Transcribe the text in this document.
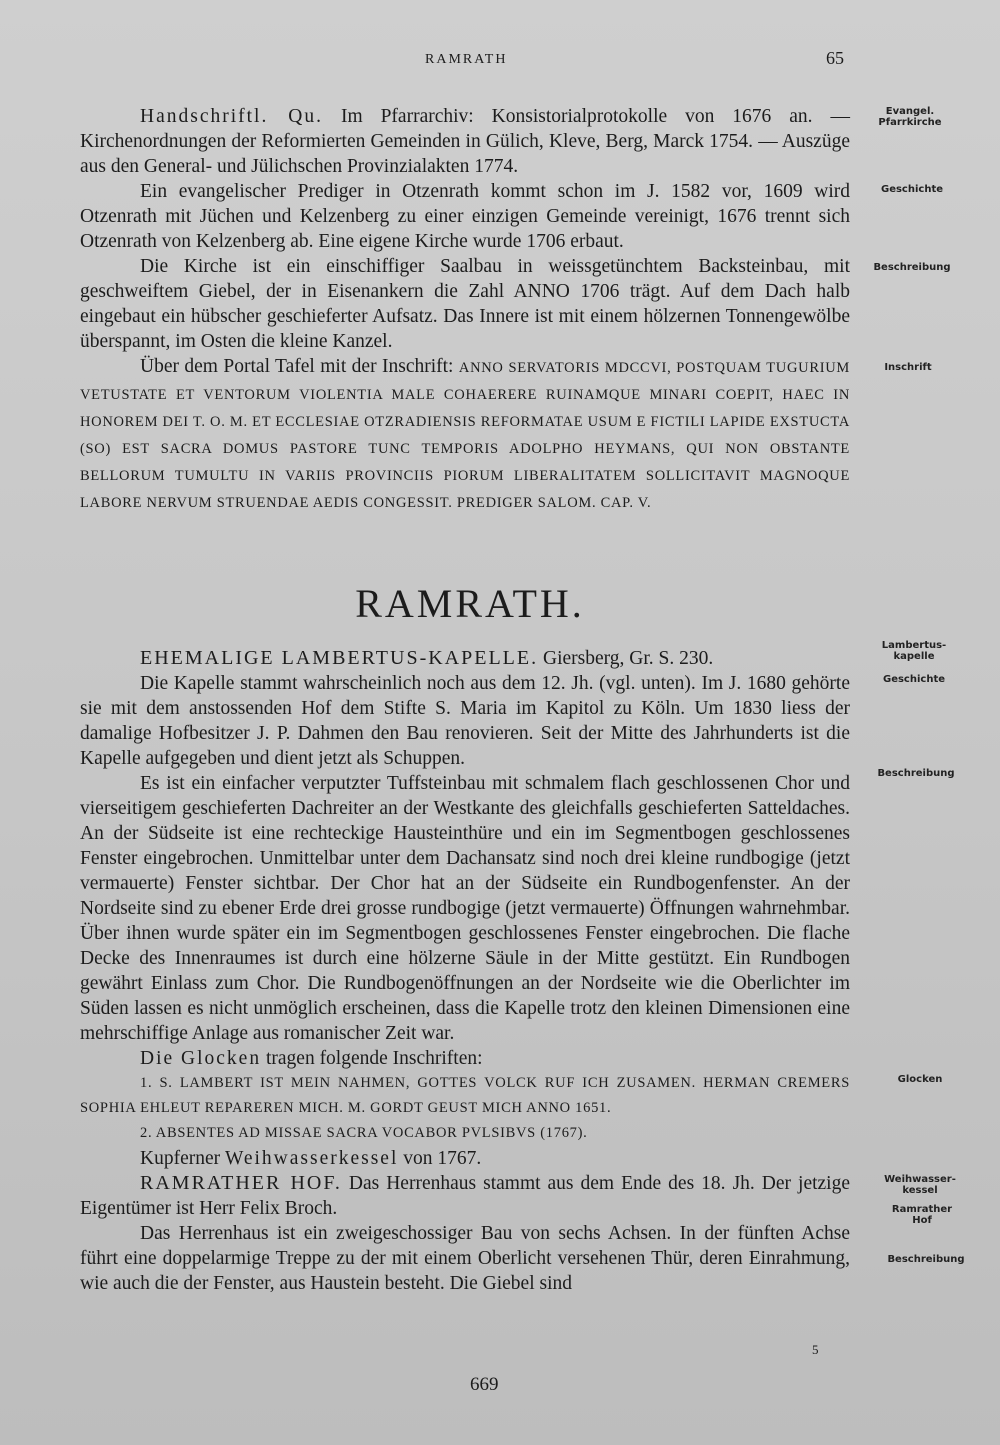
RAMRATH	65

Handschriftl. Qu. Im Pfarrarchiv: Konsistorialprotokolle von 1676 an. — Kirchenordnungen der Reformierten Gemeinden in Gülich, Kleve, Berg, Marck 1754. — Auszüge aus den General- und Jülichschen Provinzialakten 1774.

Ein evangelischer Prediger in Otzenrath kommt schon im J. 1582 vor, 1609 wird Otzenrath mit Jüchen und Kelzenberg zu einer einzigen Gemeinde vereinigt, 1676 trennt sich Otzenrath von Kelzenberg ab. Eine eigene Kirche wurde 1706 erbaut.

Die Kirche ist ein einschiffiger Saalbau in weissgetünchtem Backsteinbau, mit geschweiftem Giebel, der in Eisenankern die Zahl ANNO 1706 trägt. Auf dem Dach halb eingebaut ein hübscher geschieferter Aufsatz. Das Innere ist mit einem hölzernen Tonnengewölbe überspannt, im Osten die kleine Kanzel.

Über dem Portal Tafel mit der Inschrift: ANNO SERVATORIS MDCCVI, POSTQUAM TUGURIUM VETUSTATE ET VENTORUM VIOLENTIA MALE COHAERERE RUINAMQUE MINARI COEPIT, HAEC IN HONOREM DEI T. O. M. ET ECCLESIAE OTZRADIENSIS REFORMATAE USUM E FICTILI LAPIDE EXSTUCTA (SO) EST SACRA DOMUS PASTORE TUNC TEMPORIS ADOLPHO HEYMANS, QUI NON OBSTANTE BELLORUM TUMULTU IN VARIIS PROVINCIIS PIORUM LIBERALITATEM SOLLICITAVIT MAGNOQUE LABORE NERVUM STRUENDAE AEDIS CONGESSIT. PREDIGER SALOM. CAP. V.

RAMRATH.

EHEMALIGE LAMBERTUS-KAPELLE. Giersberg, Gr. S. 230.

Die Kapelle stammt wahrscheinlich noch aus dem 12. Jh. (vgl. unten). Im J. 1680 gehörte sie mit dem anstossenden Hof dem Stifte S. Maria im Kapitol zu Köln. Um 1830 liess der damalige Hofbesitzer J. P. Dahmen den Bau renovieren. Seit der Mitte des Jahrhunderts ist die Kapelle aufgegeben und dient jetzt als Schuppen.

Es ist ein einfacher verputzter Tuffsteinbau mit schmalem flach geschlossenen Chor und vierseitigem geschieferten Dachreiter an der Westkante des gleichfalls geschieferten Satteldaches. An der Südseite ist eine rechteckige Hausteinthüre und ein im Segmentbogen geschlossenes Fenster eingebrochen. Unmittelbar unter dem Dachansatz sind noch drei kleine rundbogige (jetzt vermauerte) Fenster sichtbar. Der Chor hat an der Südseite ein Rundbogenfenster. An der Nordseite sind zu ebener Erde drei grosse rundbogige (jetzt vermauerte) Öffnungen wahrnehmbar. Über ihnen wurde später ein im Segmentbogen geschlossenes Fenster eingebrochen. Die flache Decke des Innenraumes ist durch eine hölzerne Säule in der Mitte gestützt. Ein Rundbogen gewährt Einlass zum Chor. Die Rundbogenöffnungen an der Nordseite wie die Oberlichter im Süden lassen es nicht unmöglich erscheinen, dass die Kapelle trotz den kleinen Dimensionen eine mehrschiffige Anlage aus romanischer Zeit war.

Die Glocken tragen folgende Inschriften:

1. S. LAMBERT IST MEIN NAHMEN, GOTTES VOLCK RUF ICH ZUSAMEN. HERMAN CREMERS SOPHIA EHLEUT REPAREREN MICH. M. GORDT GEUST MICH ANNO 1651.

2. ABSENTES AD MISSAE SACRA VOCABOR PVLSIBVS (1767).

Kupferner Weihwasserkessel von 1767.

RAMRATHER HOF. Das Herrenhaus stammt aus dem Ende des 18. Jh. Der jetzige Eigentümer ist Herr Felix Broch.

Das Herrenhaus ist ein zweigeschossiger Bau von sechs Achsen. In der fünften Achse führt eine doppelarmige Treppe zu der mit einem Oberlicht versehenen Thür, deren Einrahmung, wie auch die der Fenster, aus Haustein besteht. Die Giebel sind

Evangel.
Pfarrkirche
Geschichte
Beschreibung
Inschrift
Lambertus-
kapelle
Geschichte
Beschreibung
Glocken
Weihwasser-
kessel
Ramrather
Hof
Beschreibung
5
669
